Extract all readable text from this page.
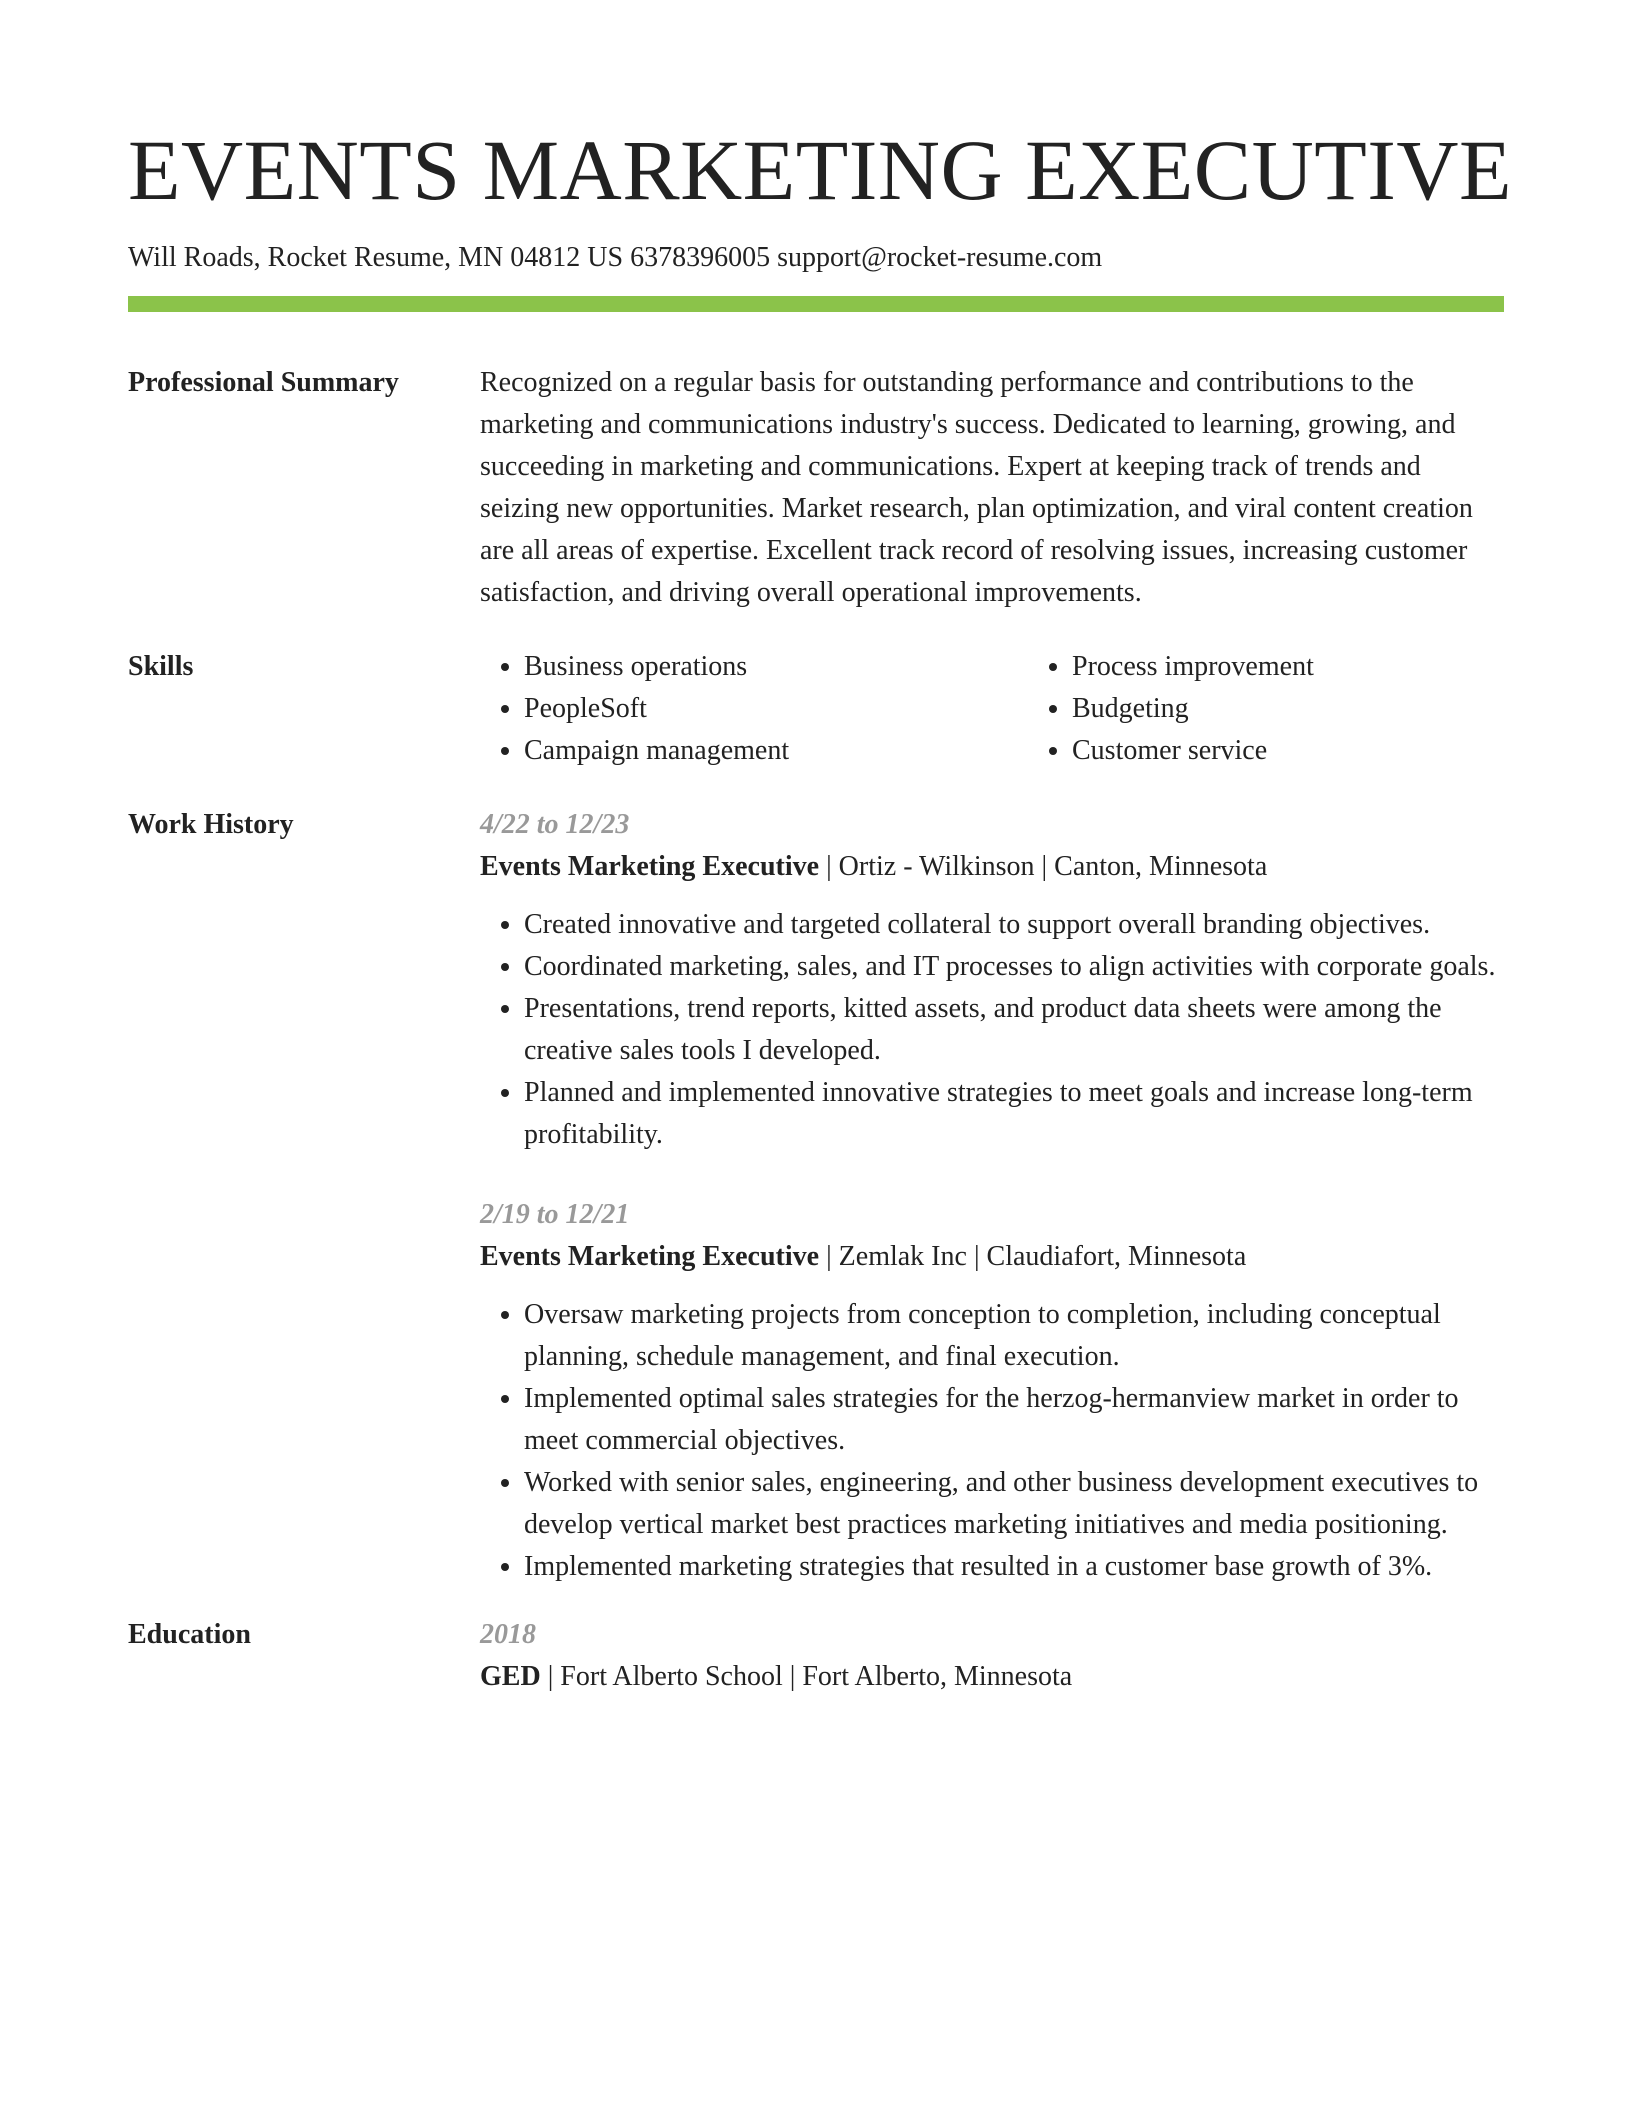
EVENTS MARKETING EXECUTIVE
Will Roads, Rocket Resume, MN 04812 US 6378396005 support@rocket-resume.com
Professional Summary	Recognized on a regular basis for outstanding performance and contributions to the marketing and communications industry's success. Dedicated to learning, growing, and succeeding in marketing and communications. Expert at keeping track of trends and seizing new opportunities. Market research, plan optimization, and viral content creation are all areas of expertise. Excellent track record of resolving issues, increasing customer satisfaction, and driving overall operational improvements.
Skills
•	Business operations
• PeopleSoft
• Campaign management
• Process improvement
• Budgeting
• Customer service
Work History	4/22 to 12/23
Events Marketing Executive | Ortiz - Wilkinson | Canton, Minnesota
• Created innovative and targeted collateral to support overall branding objectives.
• Coordinated marketing, sales, and IT processes to align activities with corporate goals.
• Presentations, trend reports, kitted assets, and product data sheets were among the creative sales tools I developed.
• Planned and implemented innovative strategies to meet goals and increase long-term profitability.
2/19 to 12/21
Events Marketing Executive | Zemlak Inc | Claudiafort, Minnesota
• Oversaw marketing projects from conception to completion, including conceptual planning, schedule management, and final execution.
• Implemented optimal sales strategies for the herzog-hermanview market in order to meet commercial objectives.
• Worked with senior sales, engineering, and other business development executives to develop vertical market best practices marketing initiatives and media positioning.
• Implemented marketing strategies that resulted in a customer base growth of 3%.
Education	2018
GED | Fort Alberto School | Fort Alberto, Minnesota
